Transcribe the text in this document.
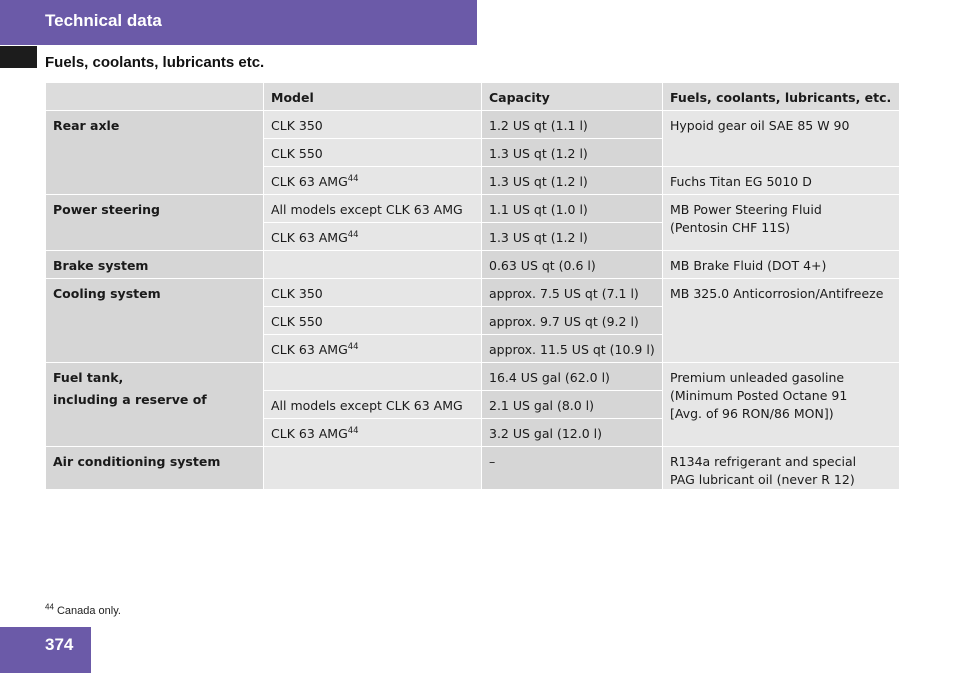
Technical data
Fuels, coolants, lubricants etc.
	Model	Capacity	Fuels, coolants, lubricants, etc.
Rear axle	CLK 350	1.2 US qt (1.1 l)	Hypoid gear oil SAE 85 W 90
	CLK 550	1.3 US qt (1.2 l)	
	CLK 63 AMG$^{44}$	1.3 US qt (1.2 l)	Fuchs Titan EG 5010 D
Power steering	All models except CLK 63 AMG	1.1 US qt (1.0 l)	MB Power Steering Fluid
(Pentosin CHF 11S)
	CLK 63 AMG$^{44}$	1.3 US qt (1.2 l)	
Brake system		0.63 US qt (0.6 l)	MB Brake Fluid (DOT 4+)
Cooling system	CLK 350	approx. 7.5 US qt (7.1 l)	MB 325.0 Anticorrosion/Antifreeze
	CLK 550	approx. 9.7 US qt (9.2 l)	
	CLK 63 AMG$^{44}$	approx. 11.5 US qt (10.9 l)	
Fuel tank,
including a reserve of		16.4 US gal (62.0 l)	Premium unleaded gasoline
(Minimum Posted Octane 91
[Avg. of 96 RON/86 MON])
	All models except CLK 63 AMG	2.1 US gal (8.0 l)	
	CLK 63 AMG$^{44}$	3.2 US gal (12.0 l)	
Air conditioning system		–	R134a refrigerant and special
PAG lubricant oil (never R 12)
$^{44}$ Canada only.
374
